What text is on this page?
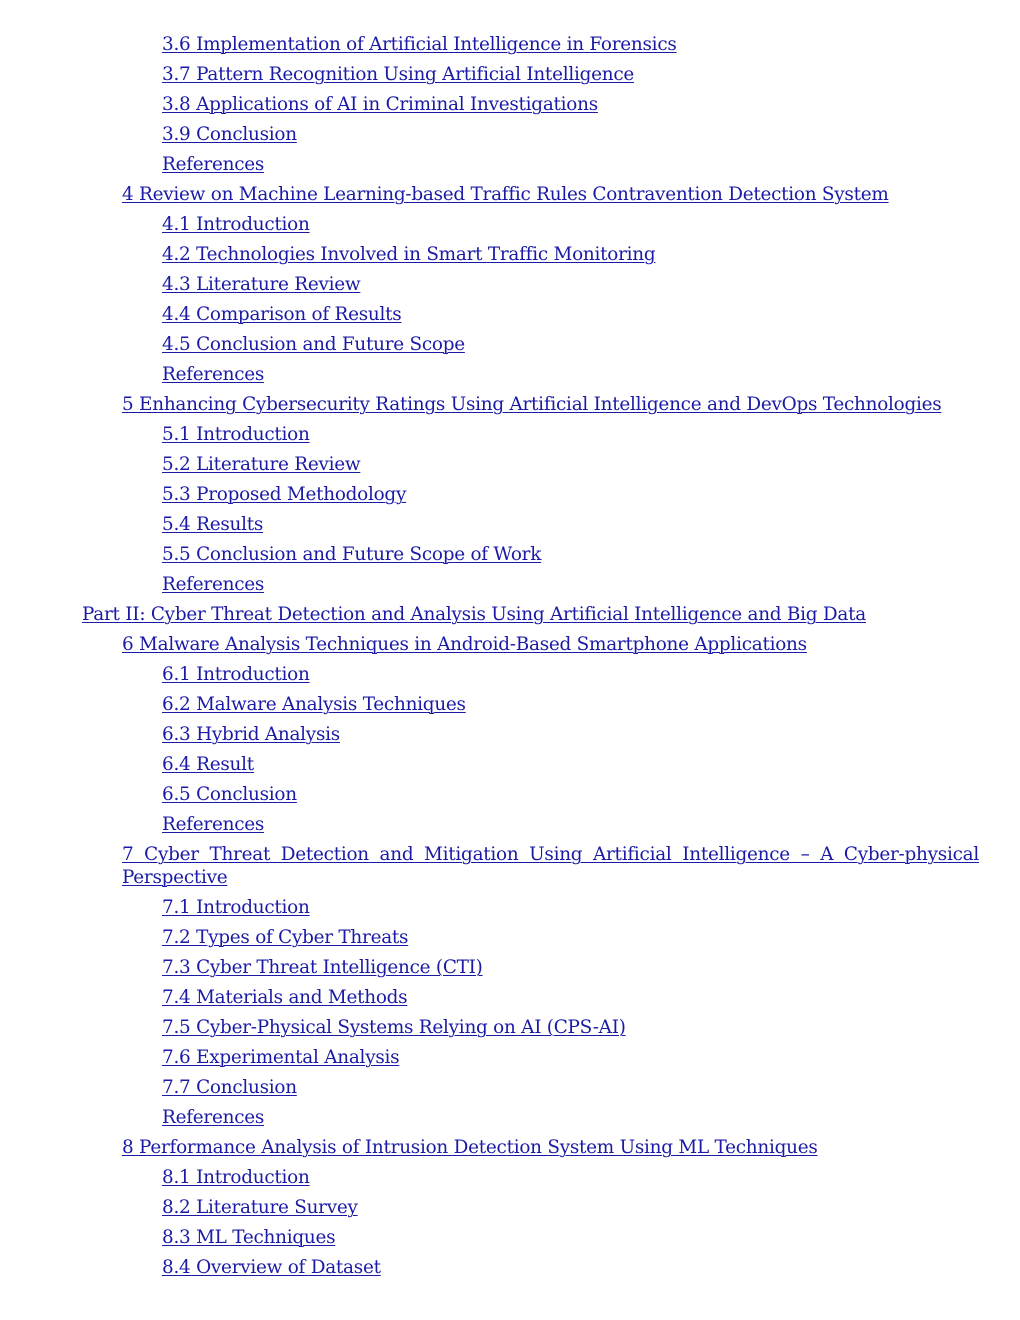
3.6 Implementation of Artificial Intelligence in Forensics
3.7 Pattern Recognition Using Artificial Intelligence
3.8 Applications of AI in Criminal Investigations
3.9 Conclusion
References
4 Review on Machine Learning-based Traffic Rules Contravention Detection System
4.1 Introduction
4.2 Technologies Involved in Smart Traffic Monitoring
4.3 Literature Review
4.4 Comparison of Results
4.5 Conclusion and Future Scope
References
5 Enhancing Cybersecurity Ratings Using Artificial Intelligence and DevOps Technologies
5.1 Introduction
5.2 Literature Review
5.3 Proposed Methodology
5.4 Results
5.5 Conclusion and Future Scope of Work
References
Part II: Cyber Threat Detection and Analysis Using Artificial Intelligence and Big Data
6 Malware Analysis Techniques in Android-Based Smartphone Applications
6.1 Introduction
6.2 Malware Analysis Techniques
6.3 Hybrid Analysis
6.4 Result
6.5 Conclusion
References
7 Cyber Threat Detection and Mitigation Using Artificial Intelligence – A Cyber-physical Perspective
7.1 Introduction
7.2 Types of Cyber Threats
7.3 Cyber Threat Intelligence (CTI)
7.4 Materials and Methods
7.5 Cyber-Physical Systems Relying on AI (CPS-AI)
7.6 Experimental Analysis
7.7 Conclusion
References
8 Performance Analysis of Intrusion Detection System Using ML Techniques
8.1 Introduction
8.2 Literature Survey
8.3 ML Techniques
8.4 Overview of Dataset
